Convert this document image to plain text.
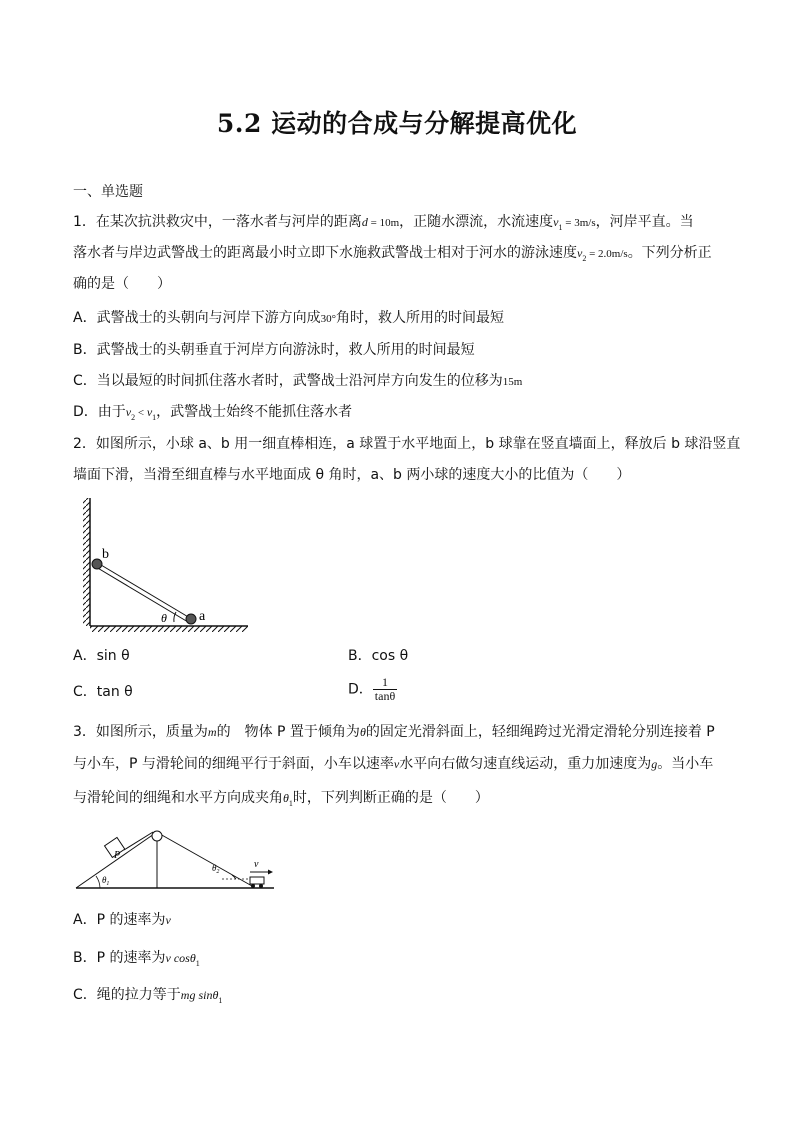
5.2 运动的合成与分解提高优化
一、单选题
1．在某次抗洪救灾中，一落水者与河岸的距离d = 10m，正随水漂流，水流速度$v_1 = 3m/s$，河岸平直。当
落水者与岸边武警战士的距离最小时立即下水施救武警战士相对于河水的游泳速度$v_2 = 2.0m/s$。下列分析正
确的是（　　）
A．武警战士的头朝向与河岸下游方向成30°角时，救人所用的时间最短
B．武警战士的头朝垂直于河岸方向游泳时，救人所用的时间最短
C．当以最短的时间抓住落水者时，武警战士沿河岸方向发生的位移为15m
D．由于$v_2 < v_1$，武警战士始终不能抓住落水者
2．如图所示，小球 a、b 用一细直棒相连，a 球置于水平地面上，b 球靠在竖直墙面上，释放后 b 球沿竖直
墙面下滑，当滑至细直棒与水平地面成 θ 角时，a、b 两小球的速度大小的比值为（　　）
b
a
θ
A．sin θ	B．cos θ
C．tan θ	D． $\frac{1}{\tan\theta}$
3．如图所示，质量为m的　物体 P 置于倾角为θ的固定光滑斜面上，轻细绳跨过光滑定滑轮分别连接着 P
与小车，P 与滑轮间的细绳平行于斜面，小车以速率v水平向右做匀速直线运动，重力加速度为g。当小车
与滑轮间的细绳和水平方向成夹角$\theta_1$时，下列判断正确的是（　　）
P
$\theta_1$
$\theta_2$
v
A．P 的速率为v
B．P 的速率为v cosθ$_1$
C．绳的拉力等于mg sinθ$_1$
